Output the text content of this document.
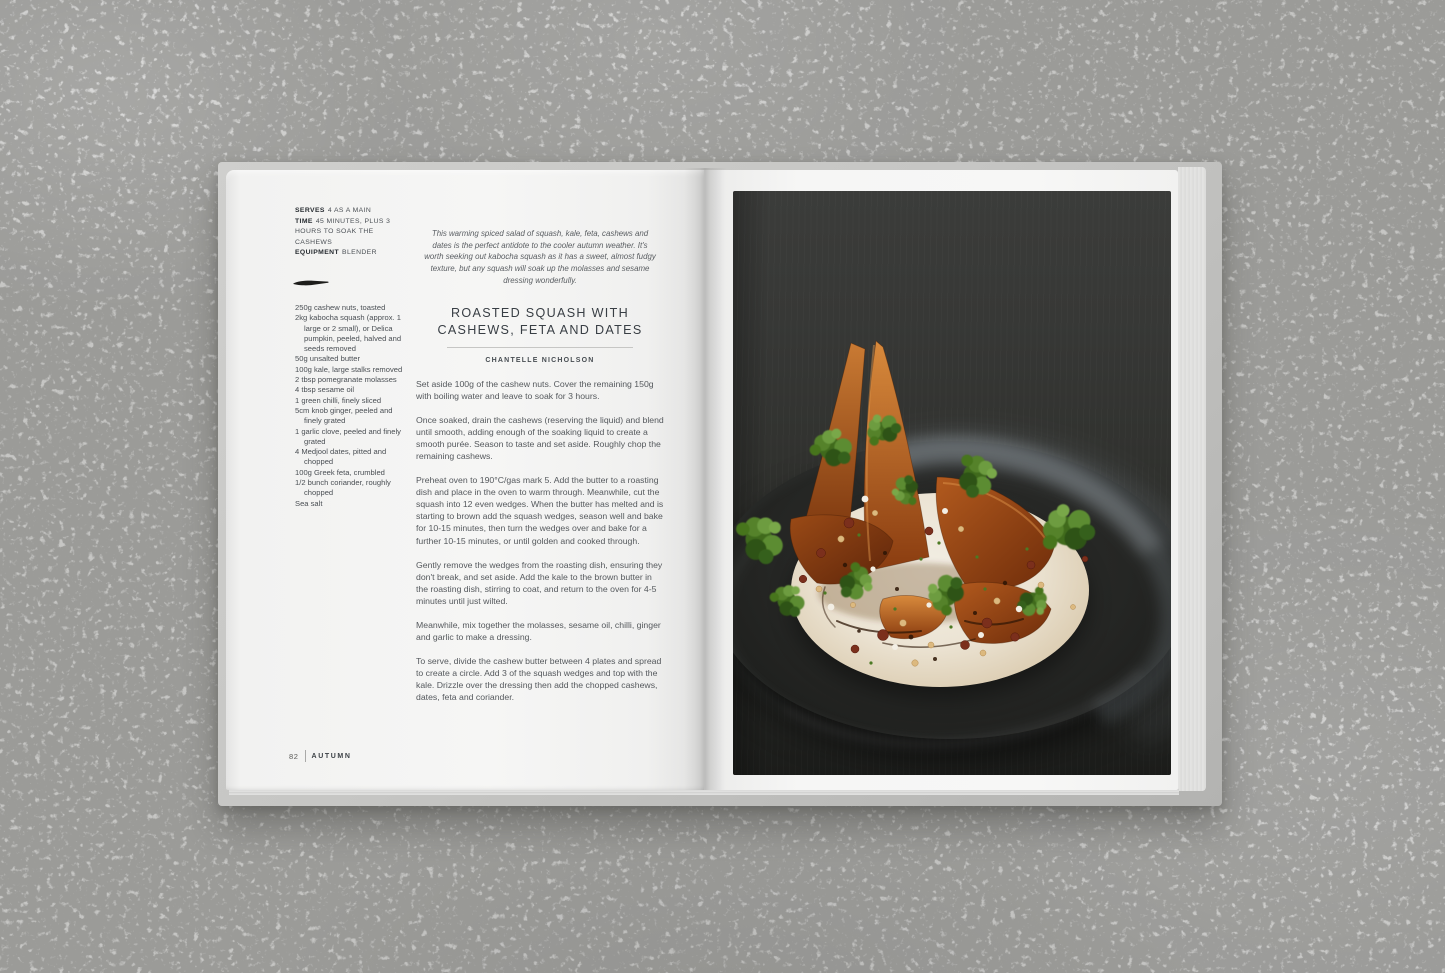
SERVES 4 AS A MAIN
TIME 45 MINUTES, PLUS 3 HOURS TO SOAK THE CASHEWS
EQUIPMENT BLENDER
250g cashew nuts, toasted
2kg kabocha squash (approx. 1 large or 2 small), or Delica pumpkin, peeled, halved and seeds removed
50g unsalted butter
100g kale, large stalks removed
2 tbsp pomegranate molasses
4 tbsp sesame oil
1 green chilli, finely sliced
5cm knob ginger, peeled and finely grated
1 garlic clove, peeled and finely grated
4 Medjool dates, pitted and chopped
100g Greek feta, crumbled
1/2 bunch coriander, roughly chopped
Sea salt
This warming spiced salad of squash, kale, feta, cashews and dates is the perfect antidote to the cooler autumn weather. It's worth seeking out kabocha squash as it has a sweet, almost fudgy texture, but any squash will soak up the molasses and sesame dressing wonderfully.
ROASTED SQUASH WITH
CASHEWS, FETA AND DATES
CHANTELLE NICHOLSON
Set aside 100g of the cashew nuts. Cover the remaining 150g with boiling water and leave to soak for 3 hours.
Once soaked, drain the cashews (reserving the liquid) and blend until smooth, adding enough of the soaking liquid to create a smooth purée. Season to taste and set aside. Roughly chop the remaining cashews.
Preheat oven to 190°C/gas mark 5. Add the butter to a roasting dish and place in the oven to warm through. Meanwhile, cut the squash into 12 even wedges. When the butter has melted and is starting to brown add the squash wedges, season well and bake for 10-15 minutes, then turn the wedges over and bake for a further 10-15 minutes, or until golden and cooked through.
Gently remove the wedges from the roasting dish, ensuring they don't break, and set aside. Add the kale to the brown butter in the roasting dish, stirring to coat, and return to the oven for 4-5 minutes until just wilted.
Meanwhile, mix together the molasses, sesame oil, chilli, ginger and garlic to make a dressing.
To serve, divide the cashew butter between 4 plates and spread to create a circle. Add 3 of the squash wedges and top with the kale. Drizzle over the dressing then add the chopped cashews, dates, feta and coriander.
82 AUTUMN
